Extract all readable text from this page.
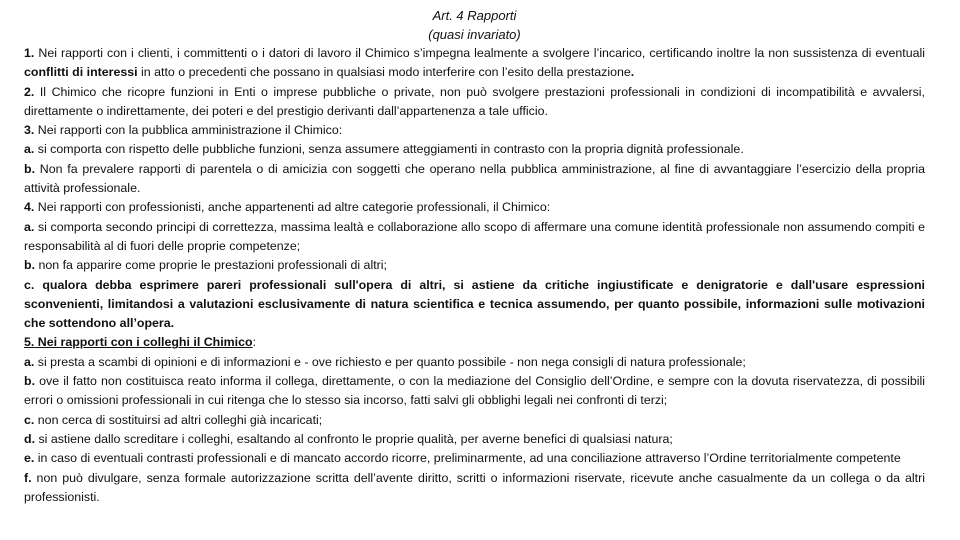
Art. 4 Rapporti

(quasi invariato)

1. Nei rapporti con i clienti, i committenti o i datori di lavoro il Chimico s’impegna lealmente a svolgere l’incarico, certificando inoltre la non sussistenza di eventuali conflitti di interessi in atto o precedenti che possano in qualsiasi modo interferire con l’esito della prestazione.

2. Il Chimico che ricopre funzioni in Enti o imprese pubbliche o private, non può svolgere prestazioni professionali in condizioni di incompatibilità e avvalersi, direttamente o indirettamente, dei poteri e del prestigio derivanti dall’appartenenza a tale ufficio.

3. Nei rapporti con la pubblica amministrazione il Chimico:

a. si comporta con rispetto delle pubbliche funzioni, senza assumere atteggiamenti in contrasto con la propria dignità professionale.

b. Non fa prevalere rapporti di parentela o di amicizia con soggetti che operano nella pubblica amministrazione, al fine di avvantaggiare l’esercizio della propria attività professionale.

4. Nei rapporti con professionisti, anche appartenenti ad altre categorie professionali, il Chimico:

a. si comporta secondo principi di correttezza, massima lealtà e collaborazione allo scopo di affermare una comune identità professionale non assumendo compiti e responsabilità al di fuori delle proprie competenze;

b. non fa apparire come proprie le prestazioni professionali di altri;

c. qualora debba esprimere pareri professionali sull'opera di altri, si astiene da critiche ingiustificate e denigratorie e dall'usare espressioni sconvenienti, limitandosi a valutazioni esclusivamente di natura scientifica e tecnica assumendo, per quanto possibile, informazioni sulle motivazioni che sottendono all’opera.

5. Nei rapporti con i colleghi il Chimico:

a. si presta a scambi di opinioni e di informazioni e - ove richiesto e per quanto possibile - non nega consigli di natura professionale;

b. ove il fatto non costituisca reato informa il collega, direttamente, o con la mediazione del Consiglio dell’Ordine, e sempre con la dovuta riservatezza, di possibili errori o omissioni professionali in cui ritenga che lo stesso sia incorso, fatti salvi gli obblighi legali nei confronti di terzi;

c. non cerca di sostituirsi ad altri colleghi già incaricati;

d. si astiene dallo screditare i colleghi, esaltando al confronto le proprie qualità, per averne benefici di qualsiasi natura;

e. in caso di eventuali contrasti professionali e di mancato accordo ricorre, preliminarmente, ad una conciliazione attraverso l’Ordine territorialmente competente

f. non può divulgare, senza formale autorizzazione scritta dell’avente diritto, scritti o informazioni riservate, ricevute anche casualmente da un collega o da altri professionisti.
